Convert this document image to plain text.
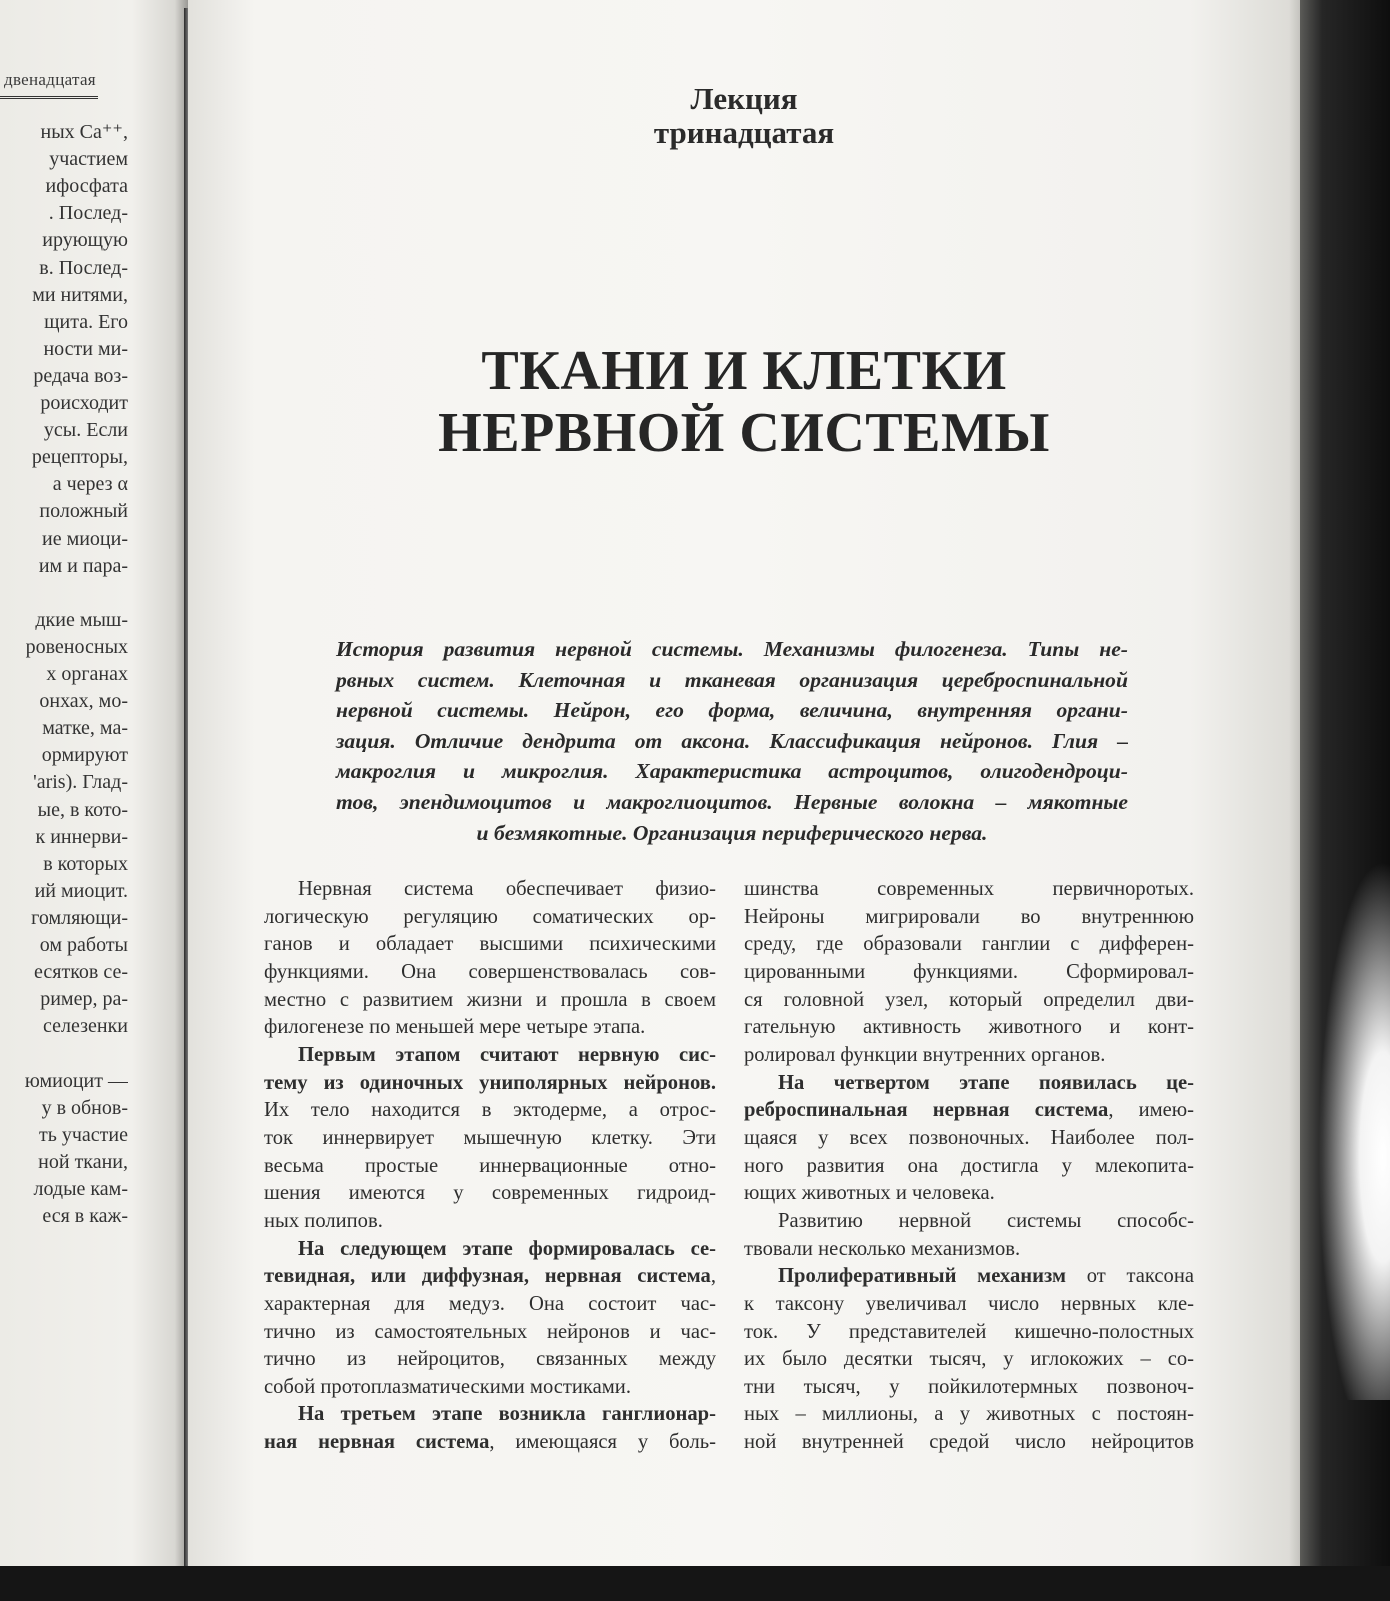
двенадцатая
ных Ca⁺⁺,
участием
ифосфата
. Послед-
ирующую
в. Послед-
ми нитями,
щита. Его
ности ми-
редача воз-
роисходит
усы. Если
рецепторы,
а через α
положный
ие миоци-
им и пара-
дкие мыш-
ровеносных
х органах
онхах, мо-
матке, ма-
ормируют
'aris). Глад-
ые, в кото-
к иннерви-
в которых
ий миоцит.
гомляющи-
ом работы
есятков се-
ример, ра-
селезенки
юмиоцит —
у в обнов-
ть участие
ной ткани,
лодые кам-
еся в каж-
Лекция
тринадцатая
ТКАНИ И КЛЕТКИ
НЕРВНОЙ СИСТЕМЫ
История развития нервной системы. Механизмы филогенеза. Типы не-
рвных систем. Клеточная и тканевая организация цереброспинальной
нервной системы. Нейрон, его форма, величина, внутренняя органи-
зация. Отличие дендрита от аксона. Классификация нейронов. Глия –
макроглия и микроглия. Характеристика астроцитов, олигодендроци-
тов, эпендимоцитов и макроглиоцитов. Нервные волокна – мякотные
и безмякотные. Организация периферического нерва.
Нервная система обеспечивает физио-
логическую регуляцию соматических ор-
ганов и обладает высшими психическими
функциями. Она совершенствовалась сов-
местно с развитием жизни и прошла в своем
филогенезе по меньшей мере четыре этапа.
Первым этапом считают нервную сис-
тему из одиночных униполярных нейронов.
Их тело находится в эктодерме, а отрос-
ток иннервирует мышечную клетку. Эти
весьма простые иннервационные отно-
шения имеются у современных гидроид-
ных полипов.
На следующем этапе формировалась се-
тевидная, или диффузная, нервная система,
характерная для медуз. Она состоит час-
тично из самостоятельных нейронов и час-
тично из нейроцитов, связанных между
собой протоплазматическими мостиками.
На третьем этапе возникла ганглионар-
ная нервная система, имеющаяся у боль-
шинства современных первичноротых.
Нейроны мигрировали во внутреннюю
среду, где образовали ганглии с дифферен-
цированными функциями. Сформировал-
ся головной узел, который определил дви-
гательную активность животного и конт-
ролировал функции внутренних органов.
На четвертом этапе появилась це-
реброспинальная нервная система, имею-
щаяся у всех позвоночных. Наиболее пол-
ного развития она достигла у млекопита-
ющих животных и человека.
Развитию нервной системы способс-
твовали несколько механизмов.
Пролиферативный механизм от таксона
к таксону увеличивал число нервных кле-
ток. У представителей кишечно-полостных
их было десятки тысяч, у иглокожих – со-
тни тысяч, у пойкилотермных позвоноч-
ных – миллионы, а у животных с постоян-
ной внутренней средой число нейроцитов
